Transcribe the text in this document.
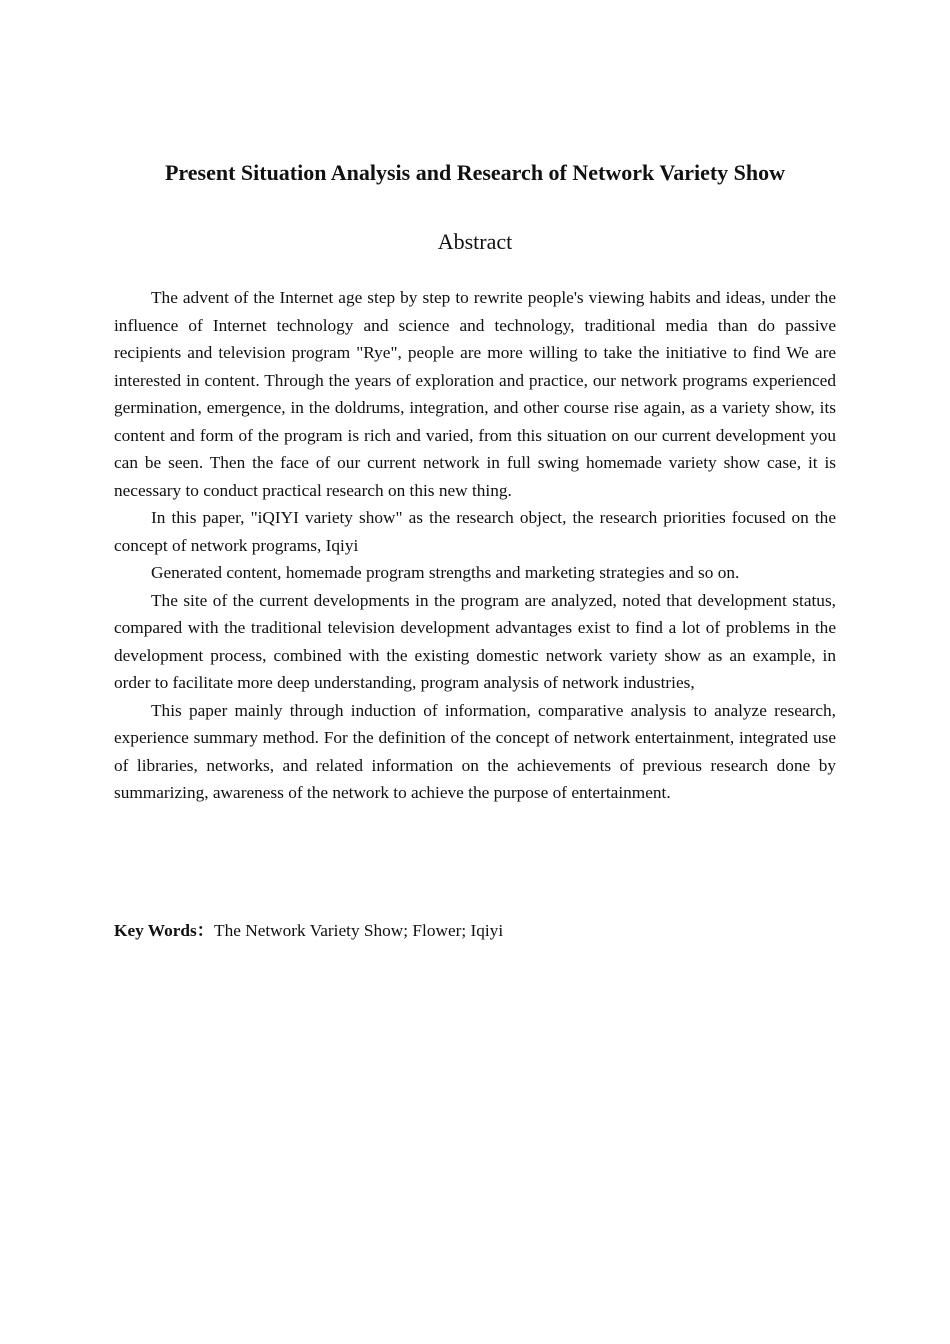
Present Situation Analysis and Research of Network Variety Show
Abstract

The advent of the Internet age step by step to rewrite people's viewing habits and ideas, under the influence of Internet technology and science and technology, traditional media than do passive recipients and television program "Rye", people are more willing to take the initiative to find We are interested in content. Through the years of exploration and practice, our network programs experienced germination, emergence, in the doldrums, integration, and other course rise again, as a variety show, its content and form of the program is rich and varied, from this situation on our current development you can be seen. Then the face of our current network in full swing homemade variety show case, it is necessary to conduct practical research on this new thing.

In this paper, "iQIYI variety show" as the research object, the research priorities focused on the concept of network programs, Iqiyi

Generated content, homemade program strengths and marketing strategies and so on.

The site of the current developments in the program are analyzed, noted that development status, compared with the traditional television development advantages exist to find a lot of problems in the development process, combined with the existing domestic network variety show as an example, in order to facilitate more deep understanding, program analysis of network industries,

This paper mainly through induction of information, comparative analysis to analyze research, experience summary method. For the definition of the concept of network entertainment, integrated use of libraries, networks, and related information on the achievements of previous research done by summarizing, awareness of the network to achieve the purpose of entertainment.

Key Words：The Network Variety Show; Flower; Iqiyi
